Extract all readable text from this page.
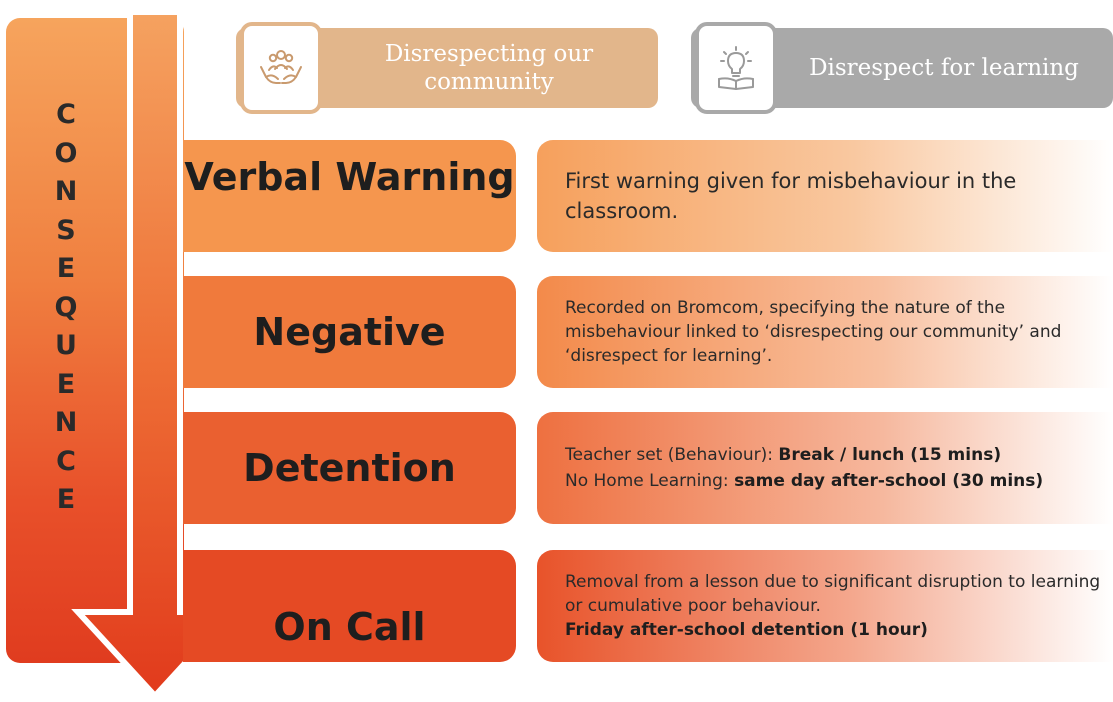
C
O
N
S
E
Q
U
E
N
C
E
Disrespecting our community
Disrespect for learning
Verbal Warning First warning given for misbehaviour in the classroom.

Negative

Recorded on Bromcom, specifying the nature of the misbehaviour linked to ‘disrespecting our community’ and ‘disrespect for learning’.

Detention	Teacher set (Behaviour): Break / lunch (15 mins)

No Home Learning: same day after-school (30 mins)

On Call

Removal from a lesson due to significant disruption to learning or cumulative poor behaviour.

Friday after-school detention (1 hour)
